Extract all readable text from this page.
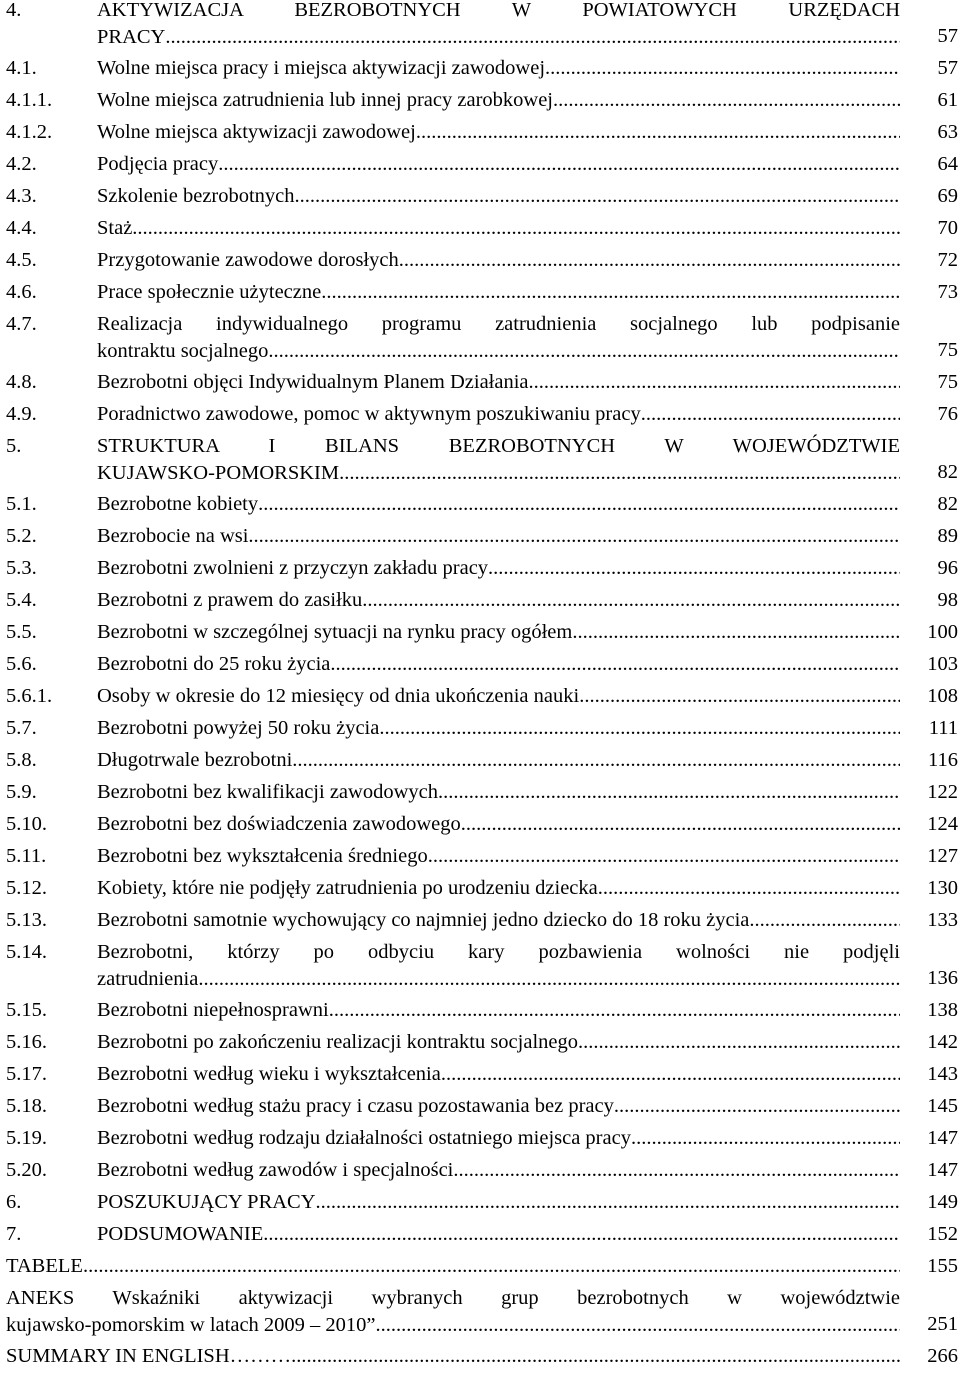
4.	AKTYWIZACJA BEZROBOTNYCH W POWIATOWYCH URZĘDACH
PRACY .....	57
4.1.	Wolne miejsca pracy i miejsca aktywizacji zawodowej .....	57
4.1.1. Wolne miejsca zatrudnienia lub innej pracy zarobkowej .....	61
4.1.2. Wolne miejsca aktywizacji zawodowej .....	63
4.2.	Podjęcia pracy .....	64
4.3.	Szkolenie bezrobotnych .....	69
4.4.	Staż .....	70
4.5.	Przygotowanie zawodowe dorosłych .....	72
4.6.	Prace społecznie użyteczne .....	73
4.7.	Realizacja indywidualnego programu zatrudnienia socjalnego lub podpisanie
kontraktu socjalnego .....	75
4.8.	Bezrobotni objęci Indywidualnym Planem Działania .....	75
4.9.	Poradnictwo zawodowe, pomoc w aktywnym poszukiwaniu pracy .....	76
5.	STRUKTURA I BILANS BEZROBOTNYCH W WOJEWÓDZTWIE
KUJAWSKO-POMORSKIM .....	82
5.1.	Bezrobotne kobiety .....	82
5.2.	Bezrobocie na wsi .....	89
5.3.	Bezrobotni zwolnieni z przyczyn zakładu pracy .....	96
5.4.	Bezrobotni z prawem do zasiłku .....	98
5.5.	Bezrobotni w szczególnej sytuacji na rynku pracy ogółem .....	100
5.6.	Bezrobotni do 25 roku życia .....	103
5.6.1. Osoby w okresie do 12 miesięcy od dnia ukończenia nauki .....	108
5.7.	Bezrobotni powyżej 50 roku życia .....	111
5.8.	Długotrwale bezrobotni .....	116
5.9.	Bezrobotni bez kwalifikacji zawodowych .....	122
5.10. Bezrobotni bez doświadczenia zawodowego .....	124
5.11. Bezrobotni bez wykształcenia średniego .....	127
5.12. Kobiety, które nie podjęły zatrudnienia po urodzeniu dziecka .....	130
5.13. Bezrobotni samotnie wychowujący co najmniej jedno dziecko do 18 roku życia .....	133
5.14. Bezrobotni, którzy po odbyciu kary pozbawienia wolności nie podjęli
zatrudnienia .....	136
5.15. Bezrobotni niepełnosprawni .....	138
5.16. Bezrobotni po zakończeniu realizacji kontraktu socjalnego .....	142
5.17. Bezrobotni według wieku i wykształcenia .....	143
5.18. Bezrobotni według stażu pracy i czasu pozostawania bez pracy .....	145
5.19. Bezrobotni według rodzaju działalności ostatniego miejsca pracy .....	147
5.20. Bezrobotni według zawodów i specjalności .....	147
6.	POSZUKUJĄCY PRACY .....	149
7.	PODSUMOWANIE .....	152
TABELE .....	155
ANEKS Wskaźniki aktywizacji wybranych grup bezrobotnych w województwie
kujawsko-pomorskim w latach 2009 – 2010” .....	251
SUMMARY IN ENGLISH……… .....	266
